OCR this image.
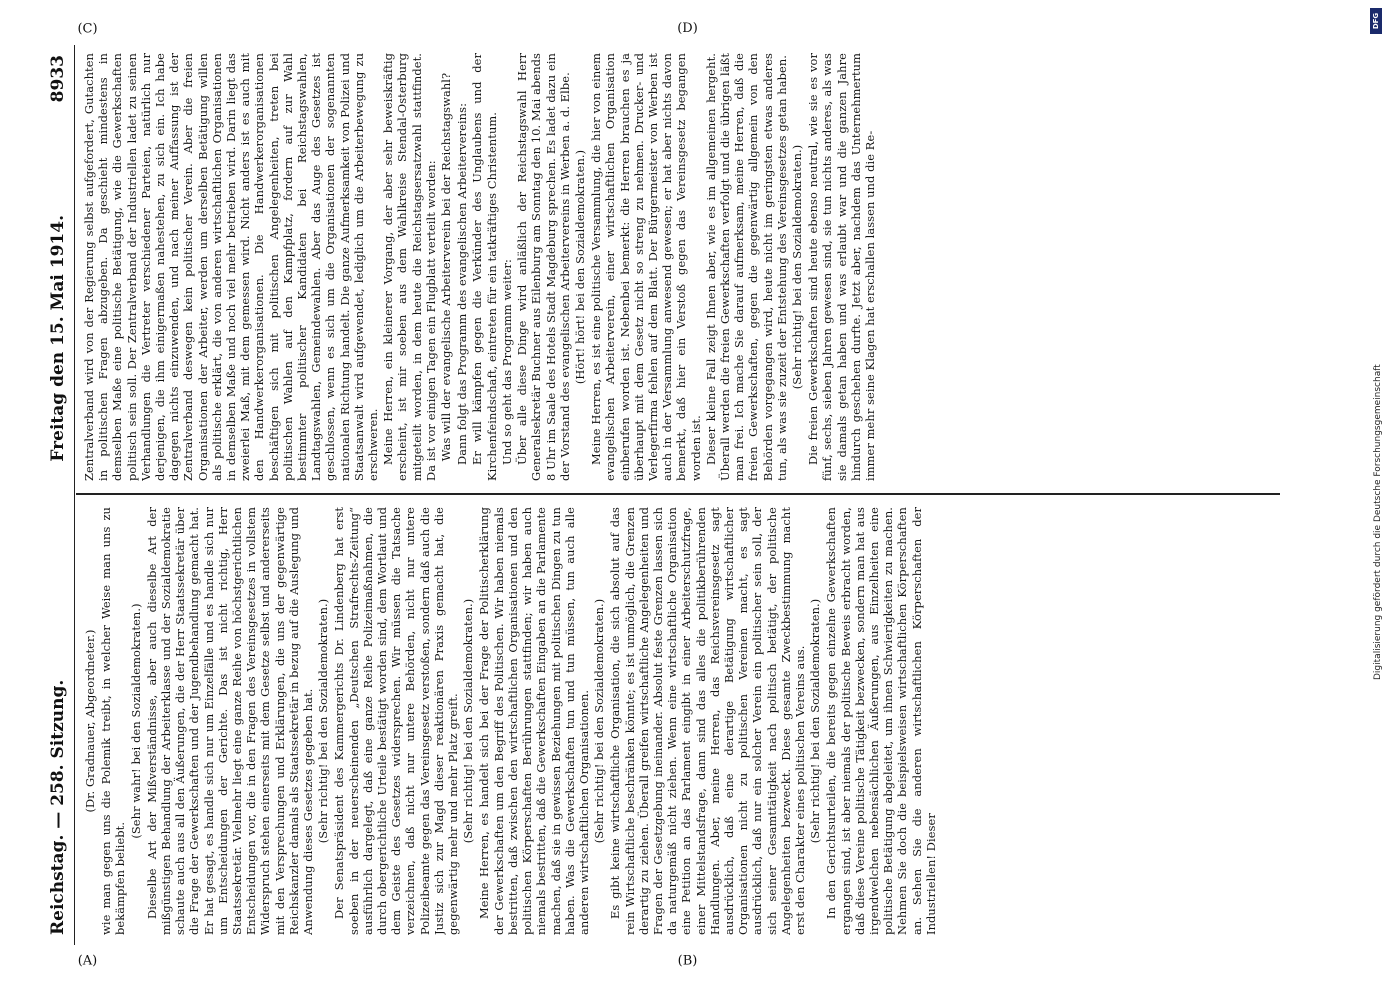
Reichstag. — 258. Sitzung.
Freitag den 15. Mai 1914.
8933

(Dr. Gradnauer, Abgeordneter.) wie man gegen uns die Polemik treibt, in welcher Weise man uns zu bekämpfen beliebt.

(Sehr wahr! bei den Sozialdemokraten.) Dieselbe Art der Mißverständnisse, aber auch dieselbe Art der mißgünstigen Behandlung der Arbeiterklasse und der Sozialdemokratie schaute auch aus all den Äußerungen, die der Herr Staatssekretär über die Frage der Gewerkschaften und der Jugendbehandlung gemacht hat. Er hat gesagt, es handle sich nur um Einzelfälle und es handle sich nur um Entscheidungen der Gerichte. Das ist nicht richtig, Herr Staatssekretär. Vielmehr liegt eine ganze Reihe von höchstgerichtlichen Entscheidungen vor, die in den Fragen des Vereinsgesetzes in vollstem Widerspruch stehen einerseits mit dem Gesetze selbst und andererseits mit den Versprechungen und Erklärungen, die uns der gegenwärtige Reichskanzler damals als Staatssekretär in bezug auf die Auslegung und Anwendung dieses Gesetzes gegeben hat. (Sehr richtig! bei den Sozialdemokraten.) Der Senatspräsident des Kammergerichts Dr. Lindenberg hat erst soeben in der neuerscheinenden „Deutschen Strafrechts-Zeitung“ ausführlich dargelegt, daß eine ganze Reihe Polizeimaßnahmen, die durch obergerichtliche Urteile bestätigt worden sind, dem Wortlaut und dem Geiste des Gesetzes widersprechen. Wir müssen die Tatsache verzeichnen, daß nicht nur untere Behörden, nicht nur untere Polizeibeamte gegen das Vereinsgesetz verstoßen, sondern daß auch die Justiz sich zur Magd dieser reaktionären Praxis gemacht hat, die gegenwärtig mehr und mehr Platz greift. (Sehr richtig! bei den Sozialdemokraten.) Meine Herren, es handelt sich bei der Frage der Politischerklärung der Gewerkschaften um den Begriff des Politischen. Wir haben niemals bestritten, daß zwischen den wirtschaftlichen Organisationen und den politischen Körperschaften Berührungen stattfinden; wir haben auch niemals bestritten, daß die Gewerkschaften Eingaben an die Parlamente machen, daß sie in gewissen Beziehungen mit politischen Dingen zu tun haben. Was die Gewerkschaften tun und tun müssen, tun auch alle anderen wirtschaftlichen Organisationen. (Sehr richtig! bei den Sozialdemokraten.) Es gibt keine wirtschaftliche Organisation, die sich absolut auf das rein Wirtschaftliche beschränken könnte; es ist unmöglich, die Grenzen derartig zu ziehen. Überall greifen wirtschaftliche Angelegenheiten und Fragen der Gesetzgebung ineinander. Absolut feste Grenzen lassen sich da naturgemäß nicht ziehen. Wenn eine wirtschaftliche Organisation eine Petition an das Parlament eingibt in einer Arbeiterschutzfrage, einer Mittelstandsfrage, dann sind das alles die politikberührenden Handlungen. Aber, meine Herren, das Reichsvereinsgesetz sagt ausdrücklich, daß eine derartige Betätigung wirtschaftlicher Organisationen nicht zu politischen Vereinen macht, es sagt ausdrücklich, daß nur ein solcher Verein ein politischer sein soll, der sich seiner Gesamttätigkeit nach politisch betätigt, der politische Angelegenheiten bezweckt. Diese gesamte Zweckbestimmung macht erst den Charakter eines politischen Vereins aus. (Sehr richtig! bei den Sozialdemokraten.) In den Gerichtsurteilen, die bereits gegen einzelne Gewerkschaften ergangen sind, ist aber niemals der politische Beweis erbracht worden, daß diese Vereine politische Tätigkeit bezwecken, sondern man hat aus irgendwelchen nebensächlichen Äußerungen, aus Einzelheiten eine politische Betätigung abgeleitet, um ihnen Schwierigkeiten zu machen. Nehmen Sie doch die beispielsweisen wirtschaftlichen Körperschaften an. Sehen Sie die anderen wirtschaftlichen Körperschaften der Industriellen! Dieser

Zentralverband wird von der Regierung selbst aufgefordert, Gutachten in politischen Fragen abzugeben. Da geschieht mindestens in demselben Maße eine politische Betätigung, wie die Gewerkschaften politisch sein soll. Der Zentralverband der Industriellen ladet zu seinen Verhandlungen die Vertreter verschiedener Parteien, natürlich nur derjenigen, die ihm einigermaßen nahestehen, zu sich ein. Ich habe dagegen nichts einzuwenden, und nach meiner Auffassung ist der Zentralverband deswegen kein politischer Verein. Aber die freien Organisationen der Arbeiter, werden um derselben Betätigung willen als politische erklärt, die von anderen wirtschaftlichen Organisationen in demselben Maße und noch viel mehr betrieben wird. Darin liegt das zweierlei Maß, mit dem gemessen wird. Nicht anders ist es auch mit den Handwerkerorganisationen. Die Handwerkerorganisationen beschäftigen sich mit politischen Angelegenheiten, treten bei politischen Wahlen auf den Kampfplatz, fordern auf zur Wahl bestimmter politischer Kandidaten bei Reichstagswahlen, Landtagswahlen, Gemeindewahlen. Aber das Auge des Gesetzes ist geschlossen, wenn es sich um die Organisationen der sogenannten nationalen Richtung handelt. Die ganze Aufmerksamkeit von Polizei und Staatsanwalt wird aufgewendet, lediglich um die Arbeiterbewegung zu erschweren. Meine Herren, ein kleinerer Vorgang, der aber sehr beweiskräftig erscheint, ist mir soeben aus dem Wahlkreise Stendal-Osterburg mitgeteilt worden, in dem heute die Reichstagsersatzwahl stattfindet. Da ist vor einigen Tagen ein Flugblatt verteilt worden: Was will der evangelische Arbeiterverein bei der Reichstagswahl? Dann folgt das Programm des evangelischen Arbeitervereins: Er will kämpfen gegen die Verkünder des Unglaubens und der Kirchenfeindschaft, eintreten für ein tatkräftiges Christentum. Und so geht das Programm weiter: Über alle diese Dinge wird anläßlich der Reichstagswahl Herr Generalsekretär Buchner aus Eilenburg am Sonntag den 10. Mai abends 8 Uhr im Saale des Hotels Stadt Magdeburg sprechen. Es ladet dazu ein der Vorstand des evangelischen Arbeitervereins in Werben a. d. Elbe. (Hört! hört! bei den Sozialdemokraten.) Meine Herren, es ist eine politische Versammlung, die hier von einem evangelischen Arbeiterverein, einer wirtschaftlichen Organisation einberufen worden ist. Nebenbei bemerkt: die Herren brauchen es ja überhaupt mit dem Gesetz nicht so streng zu nehmen. Drucker- und Verlegerfirma fehlen auf dem Blatt. Der Bürgermeister von Werben ist auch in der Versammlung anwesend gewesen; er hat aber nichts davon bemerkt, daß hier ein Verstoß gegen das Vereinsgesetz begangen worden ist. Dieser kleine Fall zeigt Ihnen aber, wie es im allgemeinen hergeht. Überall werden die freien Gewerkschaften verfolgt und die übrigen läßt man frei. Ich mache Sie darauf aufmerksam, meine Herren, daß die freien Gewerkschaften, gegen die gegenwärtig allgemein von den Behörden vorgegangen wird, heute nicht im geringsten etwas anderes tun, als was sie zuzeit der Entstehung des Vereinsgesetzes getan haben. (Sehr richtig! bei den Sozialdemokraten.) Die freien Gewerkschaften sind heute ebenso neutral, wie sie es vor fünf, sechs, sieben Jahren gewesen sind, sie tun nichts anderes, als was sie damals getan haben und was erlaubt war und die ganzen Jahre hindurch geschehen durfte. Jetzt aber, nachdem das Unternehmertum immer mehr seine Klagen hat erschallen lassen und die Re-

(A)	(B)
(C)	(D)	DFG
Digitalisierung gefördert durch die Deutsche Forschungsgemeinschaft
